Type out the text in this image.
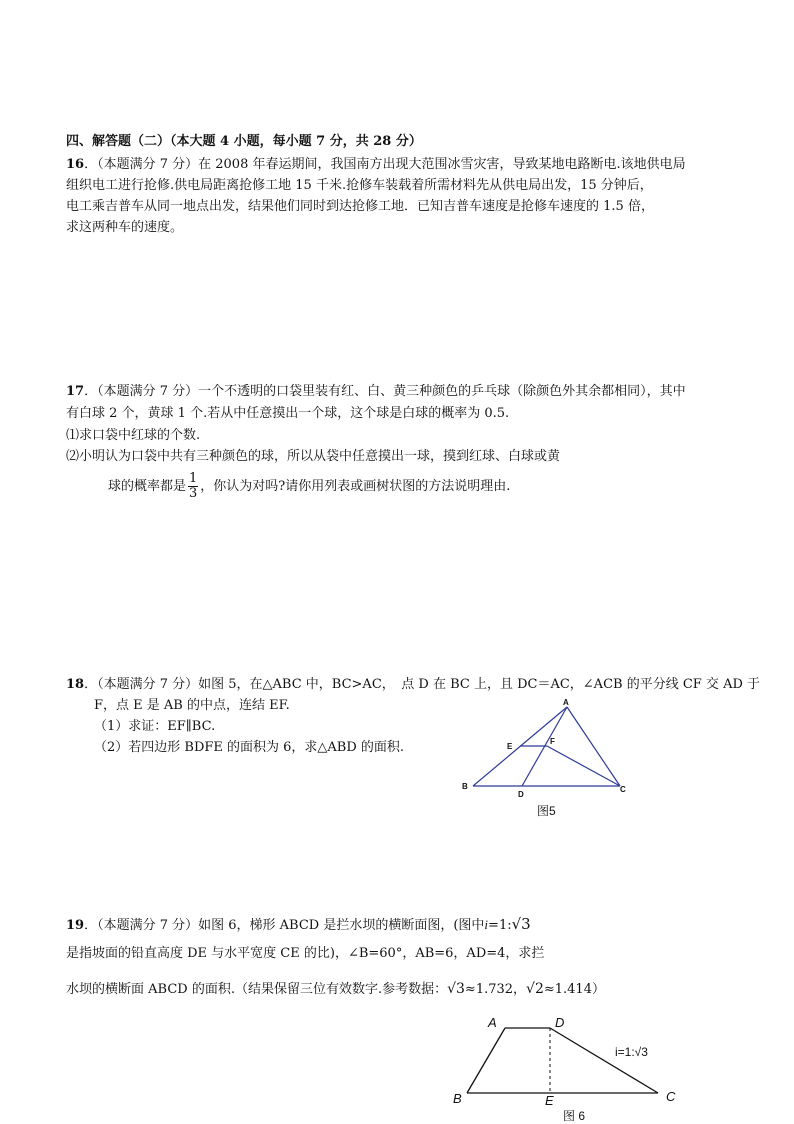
四、解答题（二）（本大题 4 小题，每小题 7 分，共 28 分）
16．（本题满分 7 分）在 2008 年春运期间，我国南方出现大范围冰雪灾害，导致某地电路断电.该地供电局
组织电工进行抢修.供电局距离抢修工地 15 千米.抢修车装载着所需材料先从供电局出发，15 分钟后，
电工乘吉普车从同一地点出发，结果他们同时到达抢修工地．已知吉普车速度是抢修车速度的 1.5 倍，
求这两种车的速度。
17．（本题满分 7 分）一个不透明的口袋里装有红、白、黄三种颜色的乒乓球（除颜色外其余都相同），其中
有白球 2 个，黄球 1 个.若从中任意摸出一个球，这个球是白球的概率为 0.5.
⑴求口袋中红球的个数.
⑵小明认为口袋中共有三种颜色的球，所以从袋中任意摸出一球，摸到红球、白球或黄
球的概率都是 $\frac{1}{3}$ ，你认为对吗?请你用列表或画树状图的方法说明理由.
18．（本题满分 7 分）如图 5，在△ABC 中，BC>AC，　点 D 在 BC 上，且 DC＝AC，∠ACB 的平分线 CF 交 AD 于
F，点 E 是 AB 的中点，连结 EF.
（1）求证：EF∥BC.
（2）若四边形 BDFE 的面积为 6，求△ABD 的面积.
A
B	C
D
E
F
图5
19．（本题满分 7 分）如图 6，梯形 ABCD 是拦水坝的横断面图，(图中i=1:√3
是指坡面的铅直高度 DE 与水平宽度 CE 的比)，∠B=60°，AB=6，AD=4，求拦
水坝的横断面 ABCD 的面积.（结果保留三位有效数字.参考数据：√3≈1.732，√2≈1.414）
A	D
B	E	C
i=1:√3
图 6
